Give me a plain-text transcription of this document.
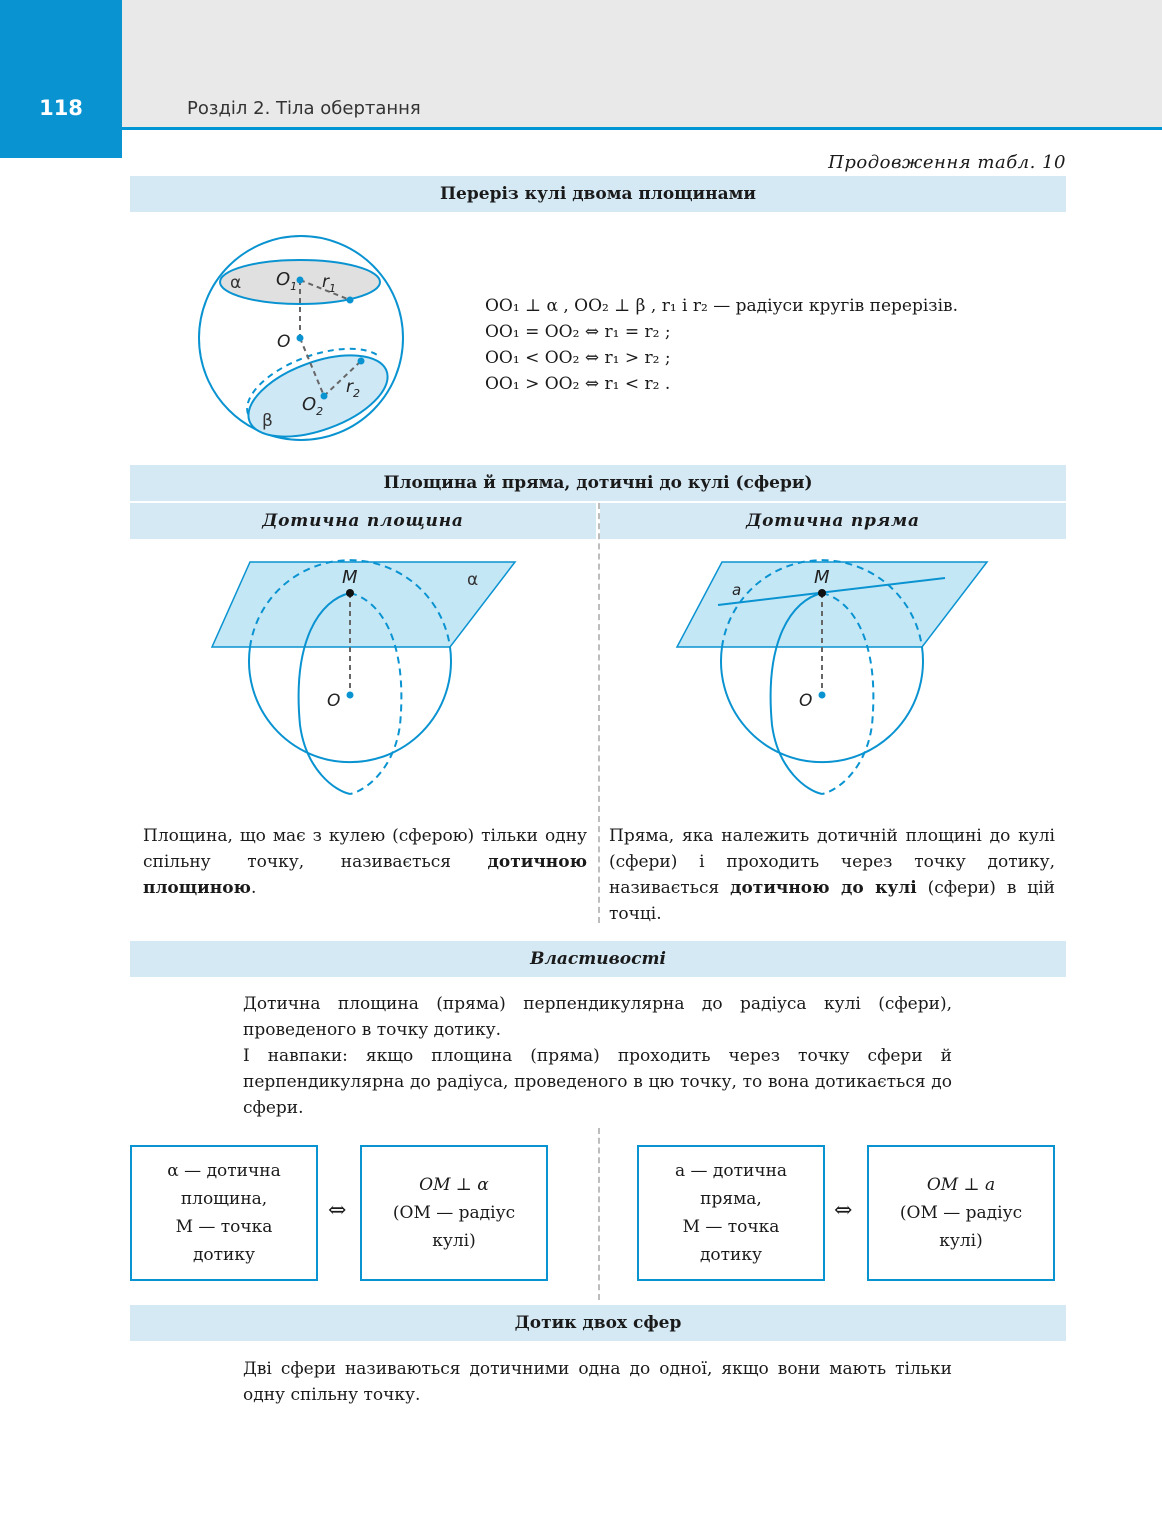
118	Розділ 2. Тіла обертання
Продовження табл. 10
Переріз кулі двома площинами
α
β
O
$O_1$ $r_1$
$O_2$
$r_2$
OO₁ ⊥ α , OO₂ ⊥ β , r₁ і r₂ — радіуси кругів перерізів.
OO₁ = OO₂ ⇔ r₁ = r₂ ;
OO₁ < OO₂ ⇔ r₁ > r₂ ;
OO₁ > OO₂ ⇔ r₁ < r₂ .
Площина й пряма, дотичні до кулі (сфери)
Дотична площина	Дотична пряма
M	α
O
M
a
O
Площина, що має з кулею (сферою) тільки одну спільну точку, називається дотичною площиною.
Пряма, яка належить дотичній площині до кулі (сфери) і проходить через точку дотику, називається дотичною до кулі (сфери) в цій точці.
Властивості
Дотична площина (пряма) перпендикулярна до радіуса кулі (сфери), проведеного в точку дотику.
І навпаки: якщо площина (пряма) проходить через точку сфери й перпендикулярна до радіуса, проведеного в цю точку, то вона дотикається до сфери.
α — дотична
площина,
M — точка
дотику
⇔
OM ⊥ α
(OM — радіус
кулі)
a — дотична
пряма,
M — точка
дотику
⇔
OM ⊥ a
(OM — радіус
кулі)
Дотик двох сфер
Дві сфери називаються дотичними одна до одної, якщо вони мають тільки одну спільну точку.
